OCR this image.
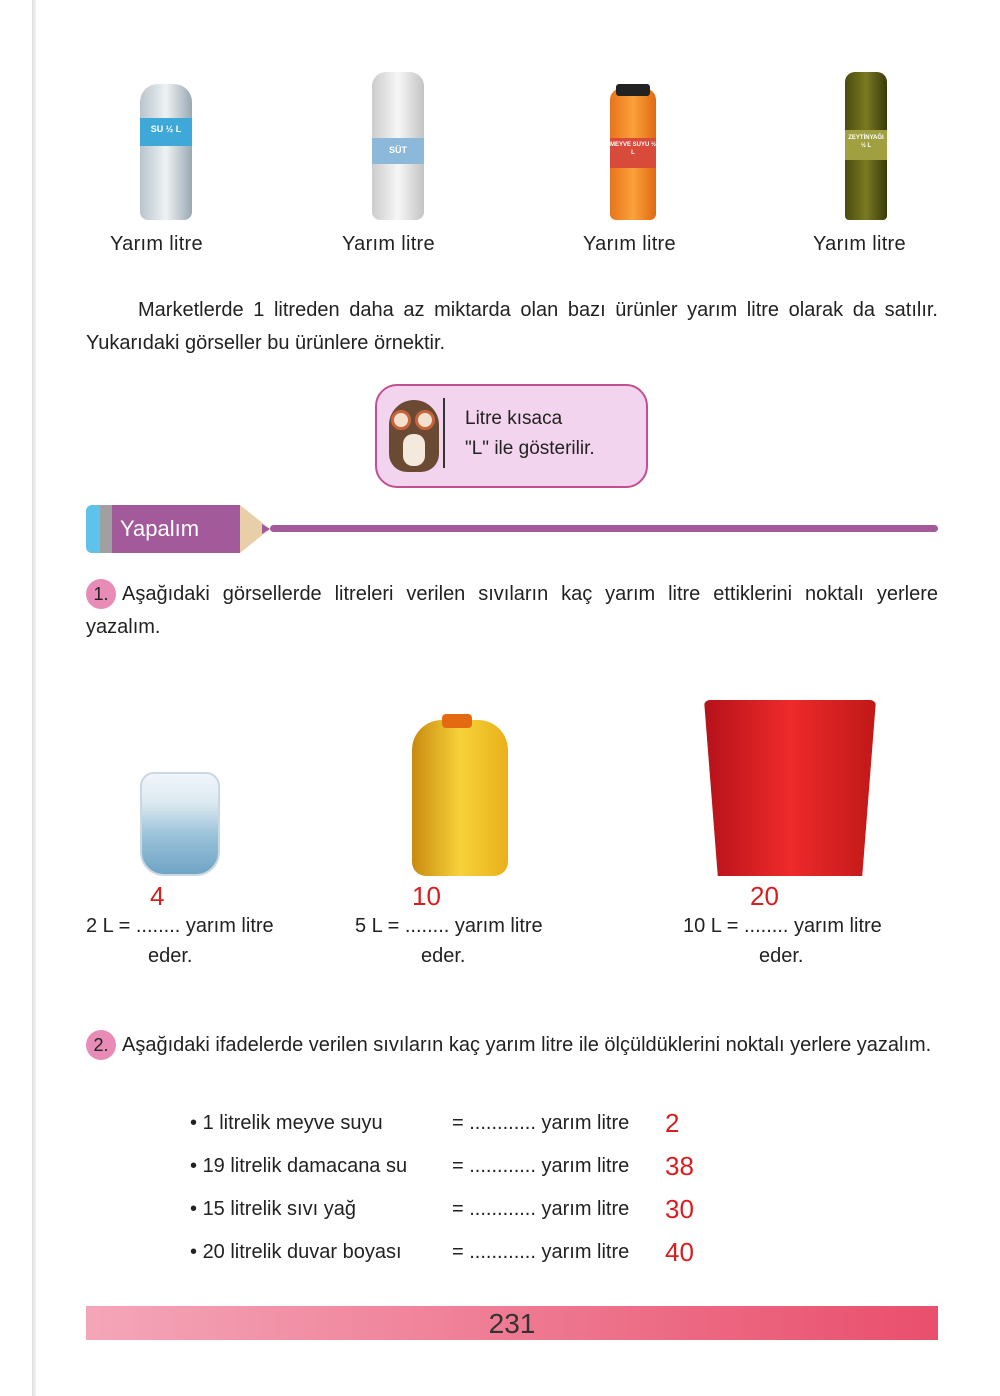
SU ½ L
SÜT	MEYVE SUYU ½ L
ZEYTİNYAĞI ½ L
Yarım litre	Yarım litre	Yarım litre	Yarım litre
Marketlerde 1 litreden daha az miktarda olan bazı ürünler yarım litre olarak da satılır. Yukarıdaki görseller bu ürünlere örnektir.
Litre kısaca
"L" ile gösterilir.
Yapalım
1. Aşağıdaki görsellerde litreleri verilen sıvıların kaç yarım litre ettiklerini noktalı yerlere yazalım.
2 L = ........ yarım litre
eder.
4
5 L = ........ yarım litre
eder.
10
10 L = ........ yarım litre
eder.
20
2. Aşağıdaki ifadelerde verilen sıvıların kaç yarım litre ile ölçüldüklerini noktalı yerlere yazalım.
• 1 litrelik meyve suyu	= ............ yarım litre 2
• 19 litrelik damacana su = ............ yarım litre 38
• 15 litrelik sıvı yağ	= ............ yarım litre 30
• 20 litrelik duvar boyası	= ............ yarım litre 40
231
